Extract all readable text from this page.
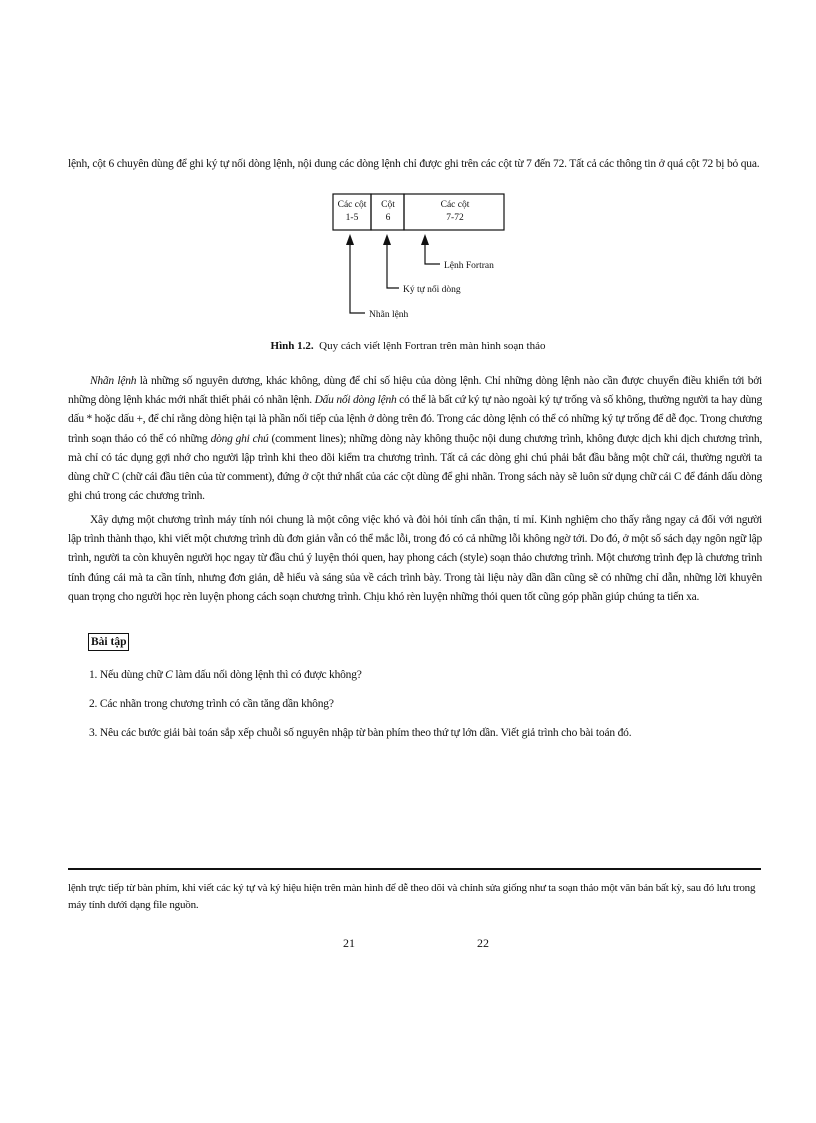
lệnh, cột 6 chuyên dùng để ghi ký tự nối dòng lệnh, nội dung các dòng lệnh chỉ được ghi trên các cột từ 7 đến 72. Tất cả các thông tin ở quá cột 72 bị bỏ qua.
Các cột
1-5
Cột
6
Các cột
7-72
Lệnh Fortran
Ký tự nối dòng
Nhãn lệnh
Hình 1.2. Quy cách viết lệnh Fortran trên màn hình soạn thảo
Nhãn lệnh là những số nguyên dương, khác không, dùng để chỉ số hiệu của dòng lệnh. Chỉ những dòng lệnh nào cần được chuyển điều khiển tới bởi những dòng lệnh khác mới nhất thiết phải có nhãn lệnh. Dấu nối dòng lệnh có thể là bất cứ ký tự nào ngoài ký tự trống và số không, thường người ta hay dùng dấu * hoặc dấu +, để chỉ rằng dòng hiện tại là phần nối tiếp của lệnh ở dòng trên đó. Trong các dòng lệnh có thể có những ký tự trống để dễ đọc. Trong chương trình soạn thảo có thể có những dòng ghi chú (comment lines); những dòng này không thuộc nội dung chương trình, không được dịch khi dịch chương trình, mà chỉ có tác dụng gợi nhớ cho người lập trình khi theo dõi kiểm tra chương trình. Tất cả các dòng ghi chú phải bắt đầu bằng một chữ cái, thường người ta dùng chữ C (chữ cái đầu tiên của từ comment), đứng ở cột thứ nhất của các cột dùng để ghi nhãn. Trong sách này sẽ luôn sử dụng chữ cái C để đánh dấu dòng ghi chú trong các chương trình.
Xây dựng một chương trình máy tính nói chung là một công việc khó và đòi hỏi tính cẩn thận, tỉ mỉ. Kinh nghiệm cho thấy rằng ngay cả đối với người lập trình thành thạo, khi viết một chương trình dù đơn giản vẫn có thể mắc lỗi, trong đó có cả những lỗi không ngờ tới. Do đó, ở một số sách dạy ngôn ngữ lập trình, người ta còn khuyên người học ngay từ đầu chú ý luyện thói quen, hay phong cách (style) soạn thảo chương trình. Một chương trình đẹp là chương trình tính đúng cái mà ta cần tính, nhưng đơn giản, dễ hiểu và sáng sủa về cách trình bày. Trong tài liệu này dần dần cũng sẽ có những chỉ dẫn, những lời khuyên quan trọng cho người học rèn luyện phong cách soạn chương trình. Chịu khó rèn luyện những thói quen tốt cũng góp phần giúp chúng ta tiến xa.
Bài tập
1. Nếu dùng chữ C làm dấu nối dòng lệnh thì có được không?
2. Các nhãn trong chương trình có cần tăng dần không?
3. Nêu các bước giải bài toán sắp xếp chuỗi số nguyên nhập từ bàn phím theo thứ tự lớn dần. Viết giả trình cho bài toán đó.
lệnh trực tiếp từ bàn phím, khi viết các ký tự và ký hiệu hiện trên màn hình để dễ theo dõi và chỉnh sửa giống như ta soạn thảo một văn bản bất kỳ, sau đó lưu trong máy tính dưới dạng file nguồn.
21	22
